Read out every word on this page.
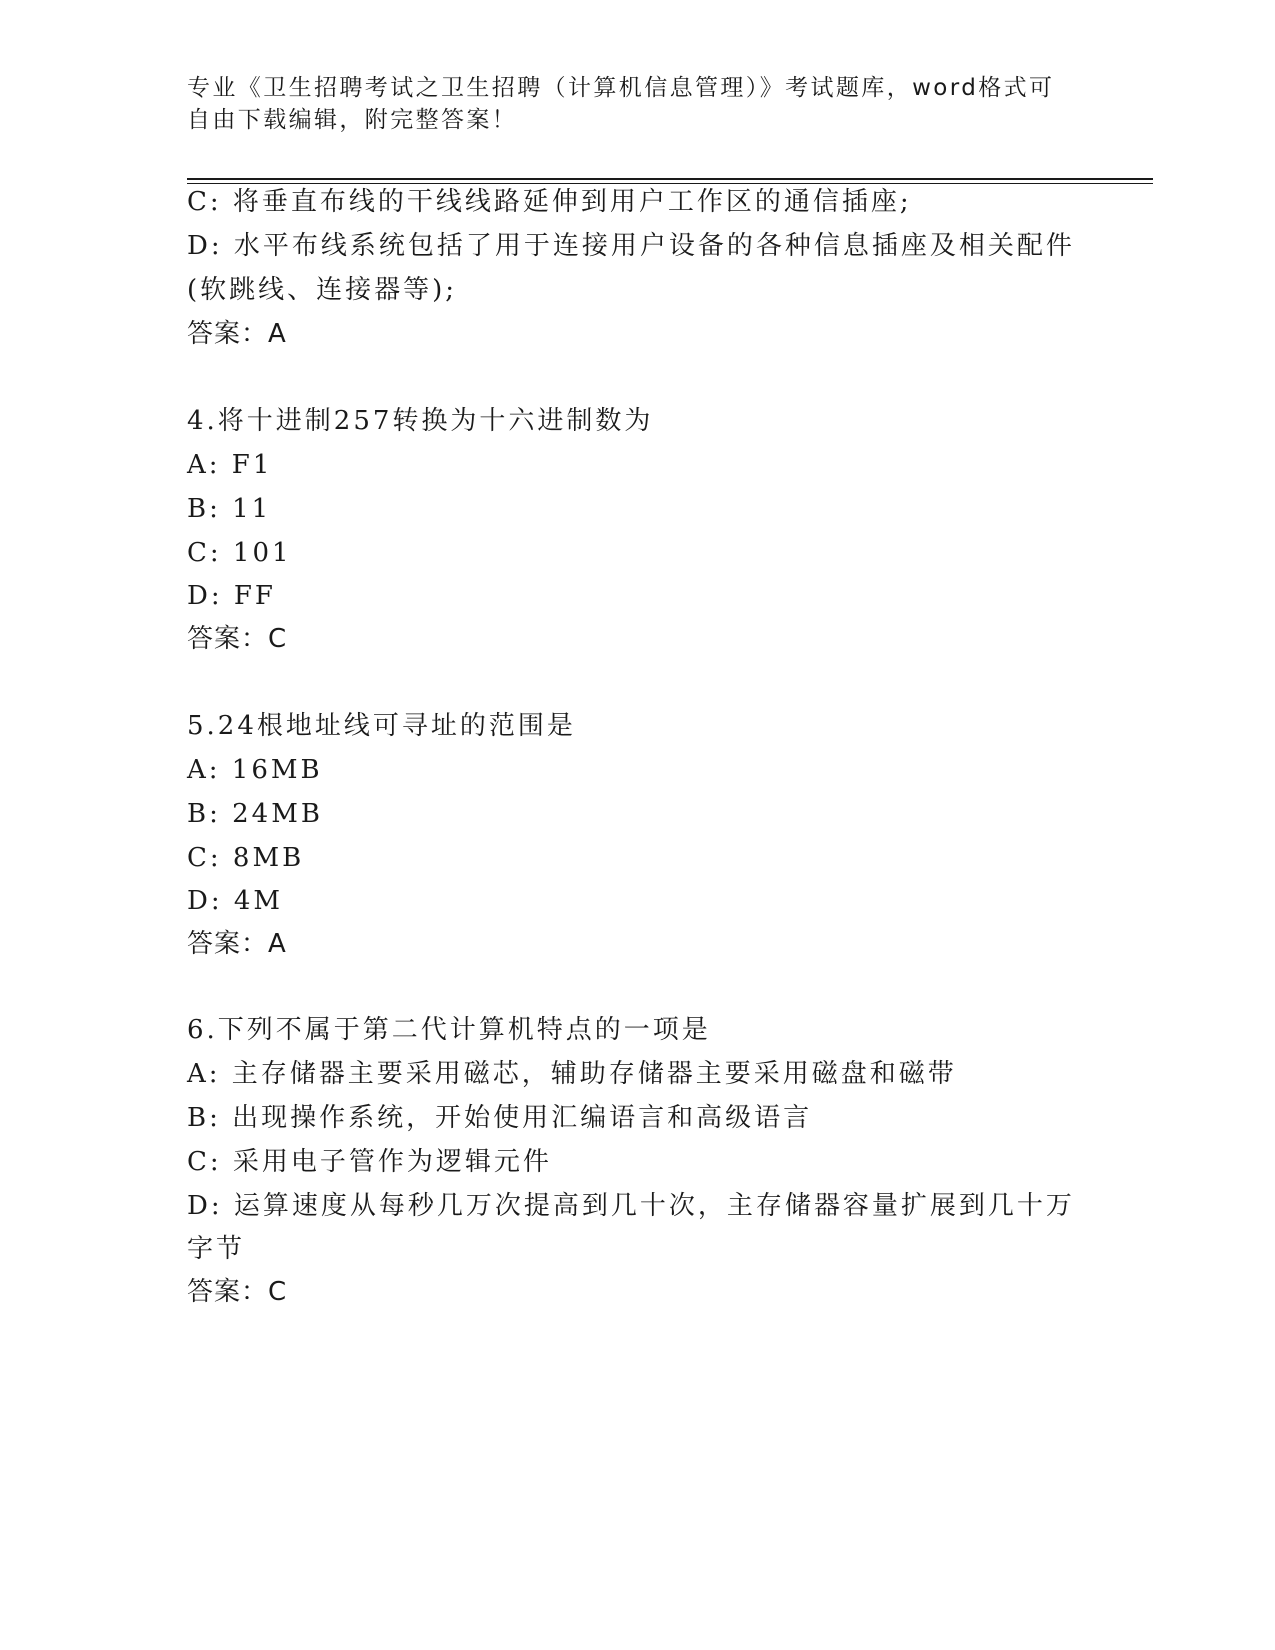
专业《卫生招聘考试之卫生招聘（计算机信息管理）》考试题库，word格式可自由下载编辑，附完整答案！
C: 将垂直布线的干线线路延伸到用户工作区的通信插座;
D: 水平布线系统包括了用于连接用户设备的各种信息插座及相关配件
(软跳线、连接器等);
答案：A
4.将十进制257转换为十六进制数为
A: F1
B: 11
C: 101
D: FF
答案：C
5.24根地址线可寻址的范围是
A: 16MB
B: 24MB
C: 8MB
D: 4M
答案：A
6.下列不属于第二代计算机特点的一项是
A: 主存储器主要采用磁芯，辅助存储器主要采用磁盘和磁带
B: 出现操作系统，开始使用汇编语言和高级语言
C: 采用电子管作为逻辑元件
D: 运算速度从每秒几万次提高到几十次，主存储器容量扩展到几十万
字节
答案：C
